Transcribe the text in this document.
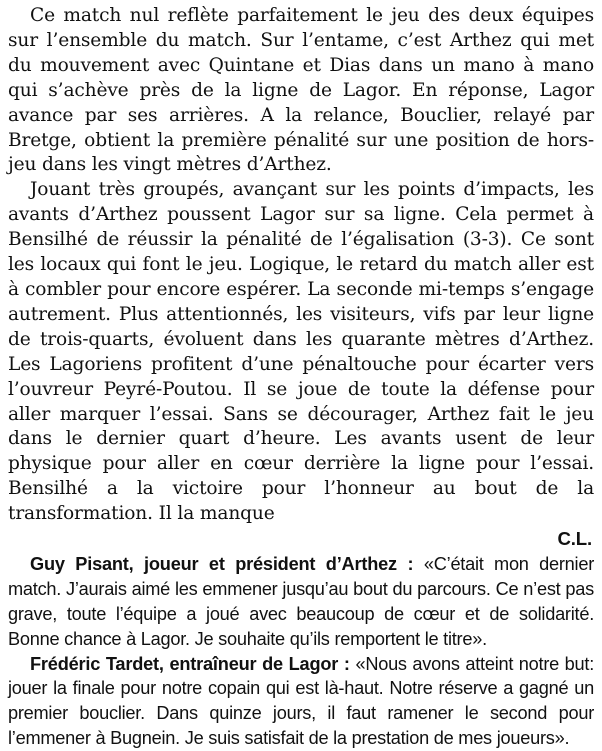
Ce match nul reflète parfaitement le jeu des deux équipes sur l’ensemble du match. Sur l’entame, c’est Arthez qui met du mouvement avec Quintane et Dias dans un mano à mano qui s’achève près de la ligne de Lagor. En réponse, Lagor avance par ses arrières. A la relance, Bouclier, relayé par Bretge, obtient la première pénalité sur une position de hors-jeu dans les vingt mètres d’Arthez.

Jouant très groupés, avançant sur les points d’impacts, les avants d’Arthez poussent Lagor sur sa ligne. Cela permet à Bensilhé de réussir la pénalité de l’égalisation (3-3). Ce sont les locaux qui font le jeu. Logique, le retard du match aller est à combler pour encore espérer. La seconde mi-temps s’engage autrement. Plus attentionnés, les visiteurs, vifs par leur ligne de trois-quarts, évoluent dans les quarante mètres d’Arthez. Les Lagoriens profitent d’une pénaltouche pour écarter vers l’ouvreur Peyré-Poutou. Il se joue de toute la défense pour aller marquer l’essai. Sans se décourager, Arthez fait le jeu dans le dernier quart d’heure. Les avants usent de leur physique pour aller en cœur derrière la ligne pour l’essai. Bensilhé a la victoire pour l’honneur au bout de la transformation. Il la manque

C.L.

Guy Pisant, joueur et président d’Arthez : «C’était mon dernier match. J’aurais aimé les emmener jusqu’au bout du parcours. Ce n’est pas grave, toute l’équipe a joué avec beaucoup de cœur et de solidarité. Bonne chance à Lagor. Je souhaite qu’ils remportent le titre».

Frédéric Tardet, entraîneur de Lagor : «Nous avons atteint notre but: jouer la finale pour notre copain qui est là-haut. Notre réserve a gagné un premier bouclier. Dans quinze jours, il faut ramener le second pour l’emmener à Bugnein. Je suis satisfait de la prestation de mes joueurs».
